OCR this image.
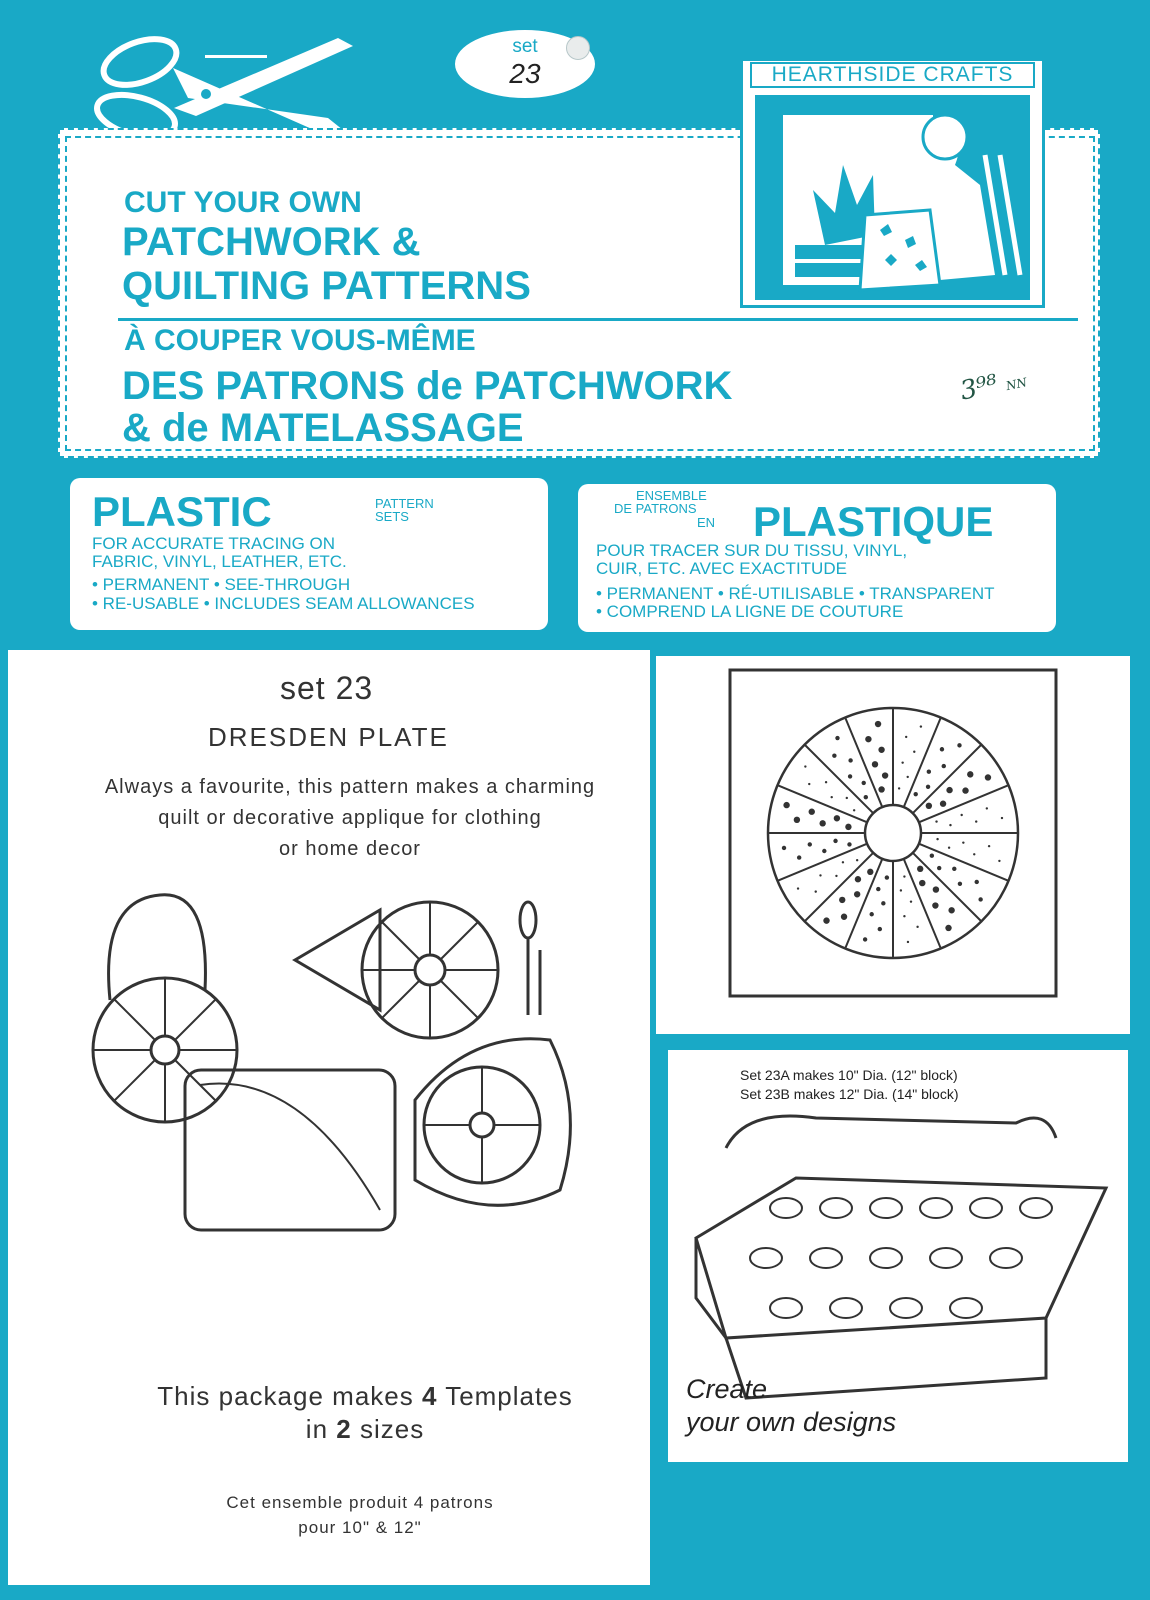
set
23
CUT YOUR OWN
PATCHWORK &
QUILTING PATTERNS
À COUPER VOUS-MÊME
DES PATRONS de PATCHWORK
& de MATELASSAGE
HEARTHSIDE CRAFTS
3⁹⁸ NN
PLASTIC	PATTERN
SETS
FOR ACCURATE TRACING ON
FABRIC, VINYL, LEATHER, ETC.
• PERMANENT • SEE-THROUGH
• RE-USABLE • INCLUDES SEAM ALLOWANCES
ENSEMBLE
DE PATRONS
EN PLASTIQUE
POUR TRACER SUR DU TISSU, VINYL,
CUIR, ETC. AVEC EXACTITUDE
• PERMANENT • RÉ-UTILISABLE • TRANSPARENT
• COMPREND LA LIGNE DE COUTURE
set 23
DRESDEN PLATE
Always a favourite, this pattern makes a charming
quilt or decorative applique for clothing
or home decor
Set 23A makes 10" Dia. (12" block)
Set 23B makes 12" Dia. (14" block)
Create
your own designs
This package makes 4 Templates
in 2 sizes
Cet ensemble produit 4 patrons
pour 10" & 12"
